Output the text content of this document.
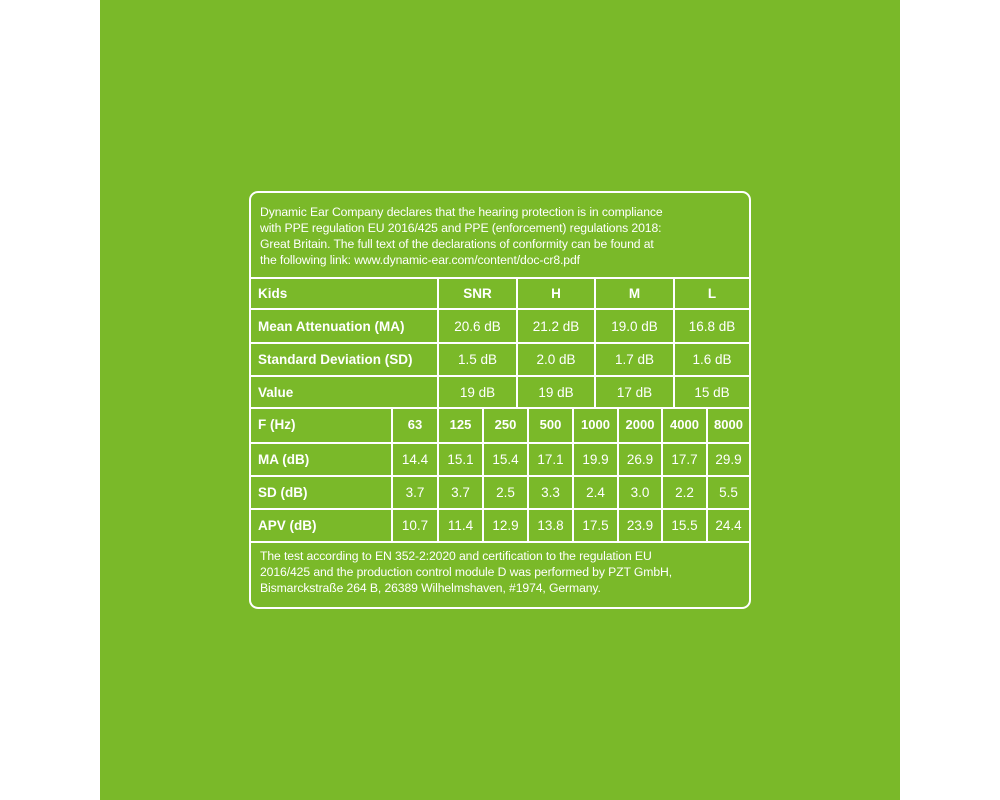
Dynamic Ear Company declares that the hearing protection is in compliance
with PPE regulation EU 2016/425 and PPE (enforcement) regulations 2018:
Great Britain. The full text of the declarations of conformity can be found at
the following link: www.dynamic-ear.com/content/doc-cr8.pdf
Kids	SNR	H	M	L
Mean Attenuation (MA)	20.6 dB	21.2 dB	19.0 dB	16.8 dB
Standard Deviation (SD)	1.5 dB	2.0 dB	1.7 dB	1.6 dB
Value	19 dB	19 dB	17 dB	15 dB
F (Hz)	63	125	250	500	1000	2000	4000	8000
MA (dB)	14.4	15.1	15.4	17.1	19.9	26.9	17.7	29.9
SD (dB)	3.7	3.7	2.5	3.3	2.4	3.0	2.2	5.5
APV (dB)	10.7	11.4	12.9	13.8	17.5	23.9	15.5	24.4
The test according to EN 352-2:2020 and certification to the regulation EU
2016/425 and the production control module D was performed by PZT GmbH,
Bismarckstraße 264 B, 26389 Wilhelmshaven, #1974, Germany.
